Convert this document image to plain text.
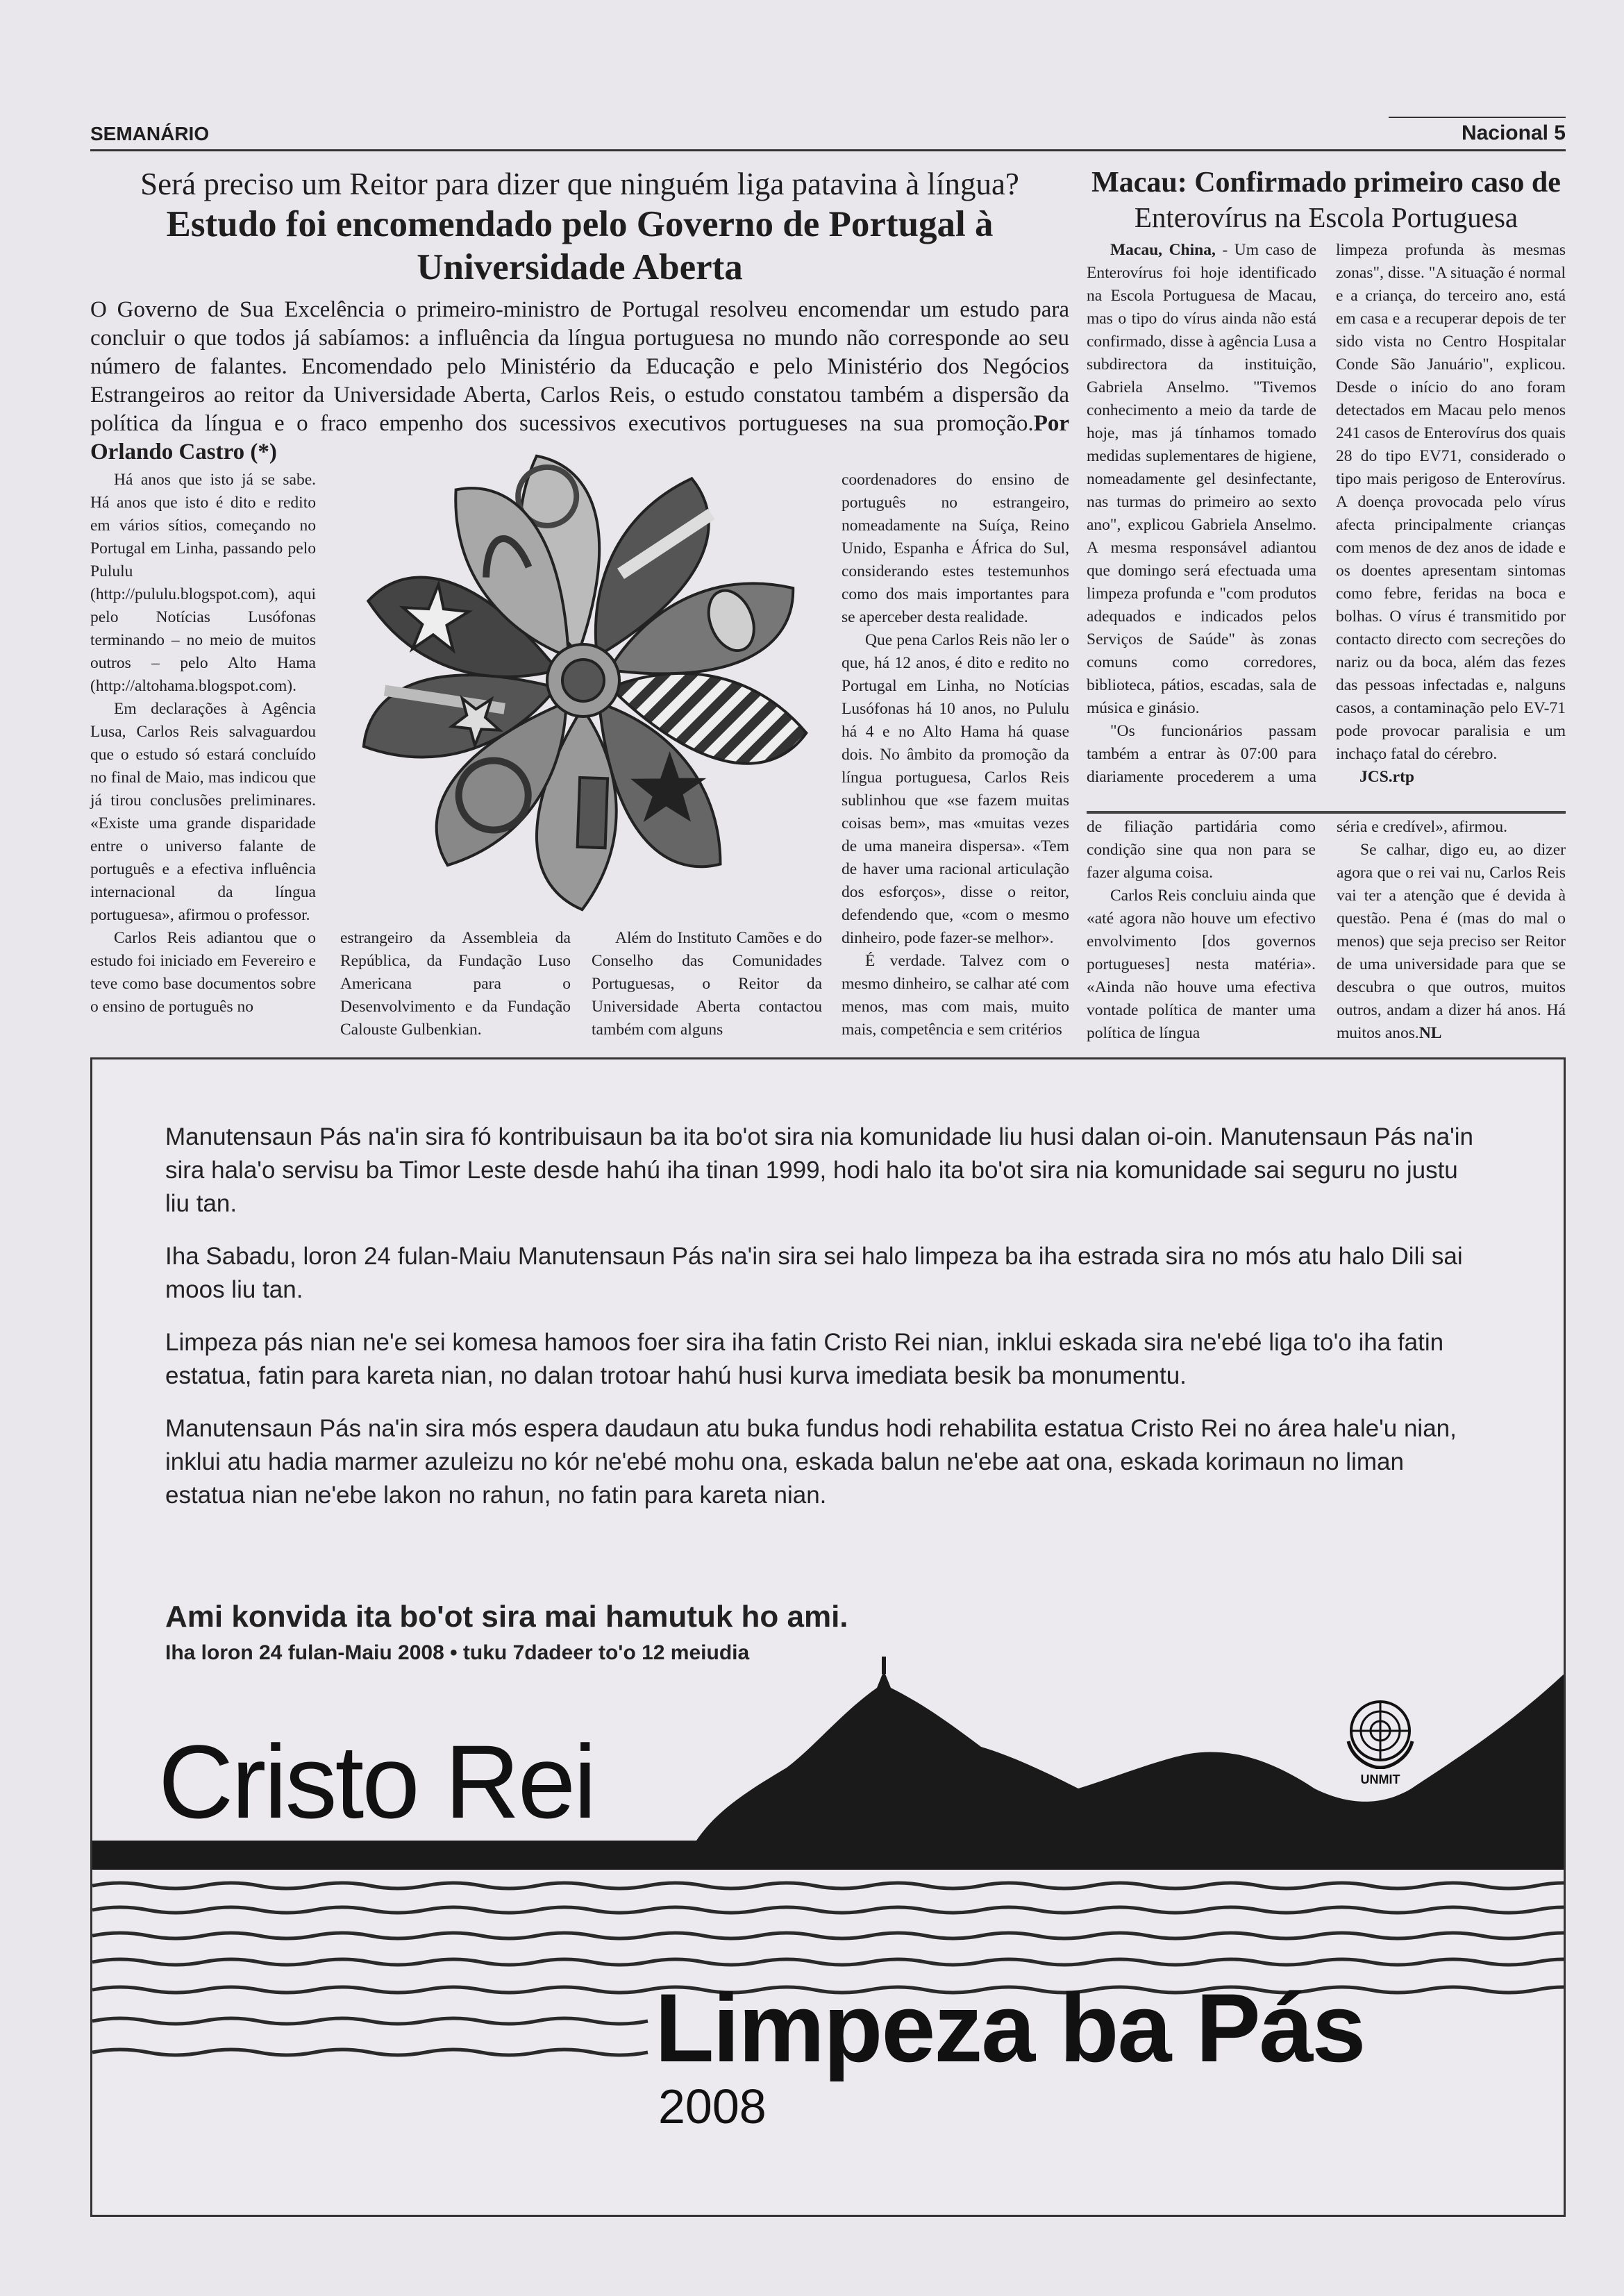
SEMANÁRIO	Nacional 5
Será preciso um Reitor para dizer que ninguém liga patavina à língua?
Estudo foi encomendado pelo Governo de Portugal à Universidade Aberta
O Governo de Sua Excelência o primeiro-ministro de Portugal resolveu encomendar um estudo para concluir o que todos já sabíamos: a influência da língua portuguesa no mundo não corresponde ao seu número de falantes. Encomendado pelo Ministério da Educação e pelo Ministério dos Negócios Estrangeiros ao reitor da Universidade Aberta, Carlos Reis, o estudo constatou também a dispersão da política da língua e o fraco empenho dos sucessivos executivos portugueses na sua promoção.Por Orlando Castro (*)

Há anos que isto já se sabe. Há anos que isto é dito e redito em vários sítios, começando no Portugal em Linha, passando pelo Pululu (http://pululu.blogspot.com), aqui pelo Notícias Lusófonas terminando – no meio de muitos outros – pelo Alto Hama (http://altohama.blogspot.com).

Em declarações à Agência Lusa, Carlos Reis salvaguardou que o estudo só estará concluído no final de Maio, mas indicou que já tirou conclusões preliminares. «Existe uma grande disparidade entre o universo falante de português e a efectiva influência internacional da língua portuguesa», afirmou o professor.

Carlos Reis adiantou que o estudo foi iniciado em Fevereiro e teve como base documentos sobre o ensino de português no

estrangeiro da Assembleia da República, da Fundação Luso Americana para o Desenvolvimento e da Fundação Calouste Gulbenkian.

Além do Instituto Camões e do Conselho das Comunidades Portuguesas, o Reitor da Universidade Aberta contactou também com alguns

coordenadores do ensino de português no estrangeiro, nomeadamente na Suíça, Reino Unido, Espanha e África do Sul, considerando estes testemunhos como dos mais importantes para se aperceber desta realidade.

Que pena Carlos Reis não ler o que, há 12 anos, é dito e redito no Portugal em Linha, no Notícias Lusófonas há 10 anos, no Pululu há 4 e no Alto Hama há quase dois. No âmbito da promoção da língua portuguesa, Carlos Reis sublinhou que «se fazem muitas coisas bem», mas «muitas vezes de uma maneira dispersa». «Tem de haver uma racional articulação dos esforços», disse o reitor, defendendo que, «com o mesmo dinheiro, pode fazer-se melhor».

É verdade. Talvez com o mesmo dinheiro, se calhar até com menos, mas com mais, muito mais, competência e sem critérios

Macau: Confirmado primeiro caso de
Enterovírus na Escola Portuguesa

Macau, China, - Um caso de Enterovírus foi hoje identificado na Escola Portuguesa de Macau, mas o tipo do vírus ainda não está confirmado, disse à agência Lusa a subdirectora da instituição, Gabriela Anselmo. "Tivemos conhecimento a meio da tarde de hoje, mas já tínhamos tomado medidas suplementares de higiene, nomeadamente gel desinfectante, nas turmas do primeiro ao sexto ano", explicou Gabriela Anselmo. A mesma responsável adiantou que domingo será efectuada uma limpeza profunda e "com produtos adequados e indicados pelos Serviços de Saúde" às zonas comuns como corredores, biblioteca, pátios, escadas, sala de música e ginásio.

"Os funcionários passam também a entrar às 07:00 para diariamente procederem a uma limpeza profunda às mesmas zonas", disse. "A situação é normal e a criança, do terceiro ano, está em casa e a recuperar depois de ter sido vista no Centro Hospitalar Conde São Januário", explicou. Desde o início do ano foram detectados em Macau pelo menos 241 casos de Enterovírus dos quais 28 do tipo EV71, considerado o tipo mais perigoso de Enterovírus. A doença provocada pelo vírus afecta principalmente crianças com menos de dez anos de idade e os doentes apresentam sintomas como febre, feridas na boca e bolhas. O vírus é transmitido por contacto directo com secreções do nariz ou da boca, além das fezes das pessoas infectadas e, nalguns casos, a contaminação pelo EV-71 pode provocar paralisia e um inchaço fatal do cérebro.

JCS.rtp

de filiação partidária como condição sine qua non para se fazer alguma coisa.

Carlos Reis concluiu ainda que «até agora não houve um efectivo envolvimento [dos governos portugueses] nesta matéria». «Ainda não houve uma efectiva vontade política de manter uma política de língua

séria e credível», afirmou.

Se calhar, digo eu, ao dizer agora que o rei vai nu, Carlos Reis vai ter a atenção que é devida à questão. Pena é (mas do mal o menos) que seja preciso ser Reitor de uma universidade para que se descubra o que outros, muitos outros, andam a dizer há anos. Há muitos anos.NL

Manutensaun Pás na'in sira fó kontribuisaun ba ita bo'ot sira nia komunidade liu husi dalan oi-oin. Manutensaun Pás na'in sira hala'o servisu ba Timor Leste desde hahú iha tinan 1999, hodi halo ita bo'ot sira nia komunidade sai seguru no justu liu tan.

Iha Sabadu, loron 24 fulan-Maiu Manutensaun Pás na'in sira sei halo limpeza ba iha estrada sira no mós atu halo Dili sai moos liu tan.

Limpeza pás nian ne'e sei komesa hamoos foer sira iha fatin Cristo Rei nian, inklui eskada sira ne'ebé liga to'o iha fatin estatua, fatin para kareta nian, no dalan trotoar hahú husi kurva imediata besik ba monumentu.

Manutensaun Pás na'in sira mós espera daudaun atu buka fundus hodi rehabilita estatua Cristo Rei no área hale'u nian, inklui atu hadia marmer azuleizu no kór ne'ebé mohu ona, eskada balun ne'ebe aat ona, eskada korimaun no liman estatua nian ne'ebe lakon no rahun, no fatin para kareta nian.

Ami konvida ita bo'ot sira mai hamutuk ho ami.
Iha loron 24 fulan-Maiu 2008 • tuku 7dadeer to'o 12 meiudia
UNMIT
Cristo Rei
Limpeza ba Pás
2008
